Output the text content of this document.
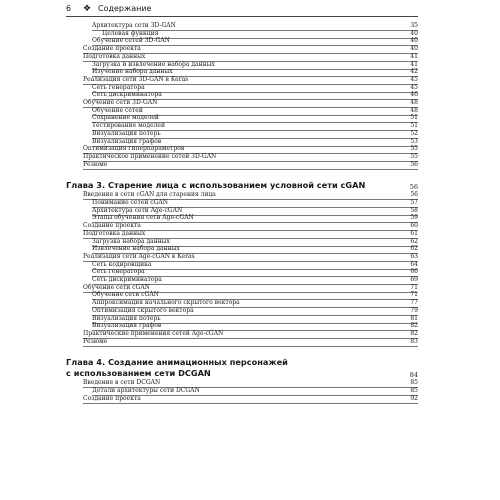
6 ❖ Содержание
Архитектура сети 3D-GAN	35
Целевая функция	40
Обучение сетей 3D-GAN	40
Создание проекта	40
Подготовка данных	41
Загрузка и извлечение набора данных	41
Изучение набора данных	42
Реализация сети 3D-GAN в Keras	45
Сеть генератора	45
Сеть дискриминатора	46
Обучение сети 3D-GAN	48
Обучение сетей	48
Сохранение моделей	51
Тестирование моделей	51
Визуализация потерь	52
Визуализация графов	53
Оптимизация гиперпараметров	55
Практическое применение сетей 3D-GAN	55
Резюме	56
Глава 3. Старение лица с использованием условной сети cGAN	56
Введение в сети cGAN для старения лица	56
Понимание сетей cGAN	57
Архитектура сети Age-cGAN	58
Этапы обучения сети Age-cGAN	59
Создание проекта	60
Подготовка данных	61
Загрузка набора данных	62
Извлечение набора данных	62
Реализация сети Age-cGAN в Keras	63
Сеть кодировщика	64
Сеть генератора	66
Сеть дискриминатора	69
Обучение сети cGAN	71
Обучение сети cGAN	71
Аппроксимация начального скрытого вектора	77
Оптимизация скрытого вектора	79
Визуализация потерь	81
Визуализация графов	82
Практические применения сетей Age-cGAN	82
Резюме	83
Глава 4. Создание анимационных персонажей
с использованием сети DCGAN	84
Введение в сети DCGAN	85
Детали архитектуры сети DCGAN	85
Создание проекта	92
